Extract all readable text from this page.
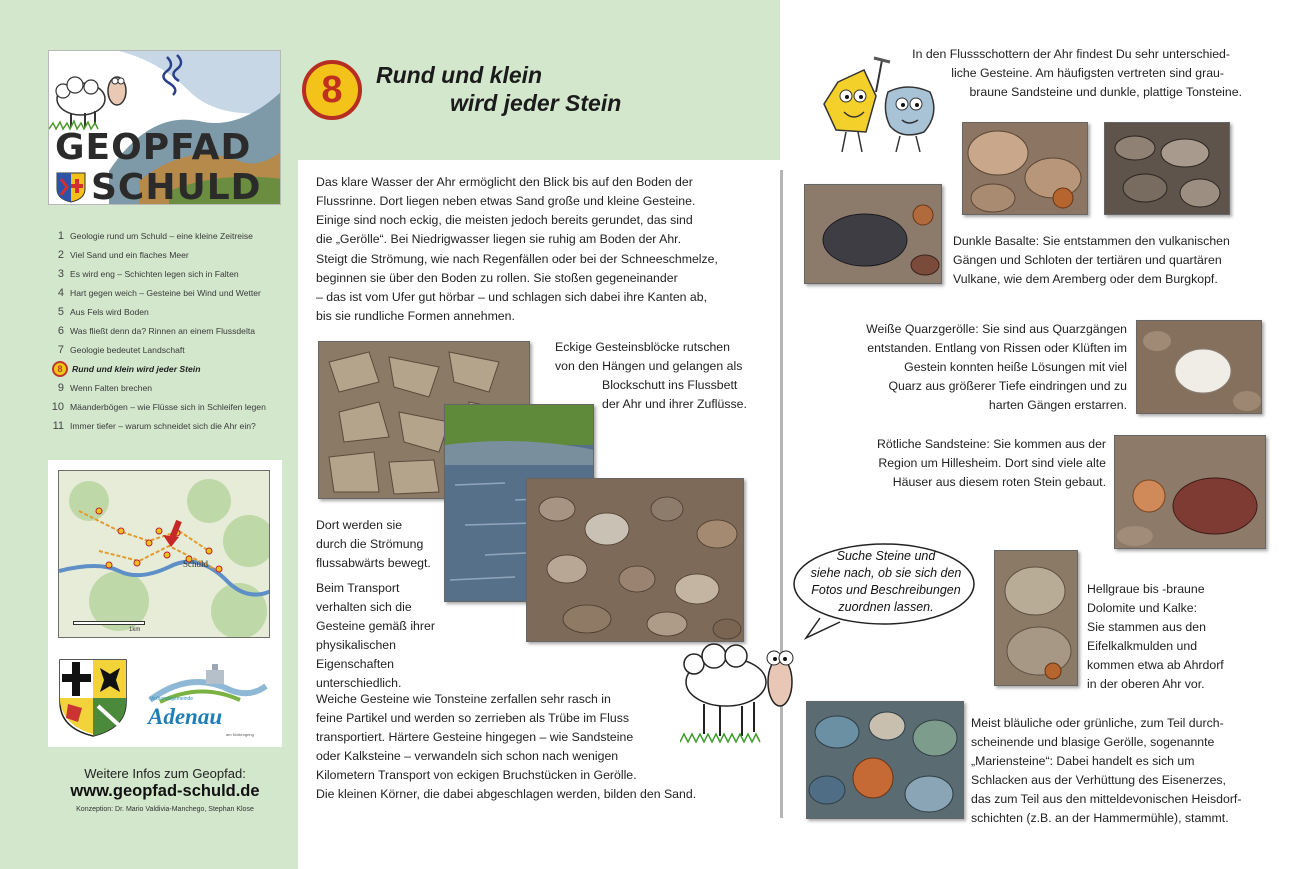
GEOPFAD
SCHULD
1 Geologie rund um Schuld – eine kleine Zeitreise
2 Viel Sand und ein flaches Meer
3 Es wird eng – Schichten legen sich in Falten
4 Hart gegen weich – Gesteine bei Wind und Wetter
5 Aus Fels wird Boden
6 Was fließt denn da? Rinnen an einem Flussdelta
7 Geologie bedeutet Landschaft
8	Rund und klein wird jeder Stein
9 Wenn Falten brechen
10 Mäanderbögen – wie Flüsse sich in Schleifen legen
11 Immer tiefer – warum schneidet sich die Ahr ein?
Schuld
1km
Verbandsgemeinde
Adenau
am Nürburgring
Weitere Infos zum Geopfad:
www.geopfad-schuld.de
Konzeption: Dr. Mario Valdivia-Manchego, Stephan Klose
8	Rund und klein
wird jeder Stein
Das klare Wasser der Ahr ermöglicht den Blick bis auf den Boden der
Flussrinne. Dort liegen neben etwas Sand große und kleine Gesteine.
Einige sind noch eckig, die meisten jedoch bereits gerundet, das sind
die „Gerölle“. Bei Niedrigwasser liegen sie ruhig am Boden der Ahr.
Steigt die Strömung, wie nach Regenfällen oder bei der Schneeschmelze,
beginnen sie über den Boden zu rollen. Sie stoßen gegeneinander
– das ist vom Ufer gut hörbar – und schlagen sich dabei ihre Kanten ab,
bis sie rundliche Formen annehmen.
Eckige Gesteinsblöcke rutschen
von den Hängen und gelangen als
Blockschutt ins Flussbett
der Ahr und ihrer Zuflüsse.
Dort werden sie
durch die Strömung
flussabwärts bewegt.
Beim Transport
verhalten sich die
Gesteine gemäß ihrer
physikalischen Eigenschaften
unterschiedlich.
Weiche Gesteine wie Tonsteine zerfallen sehr rasch in
feine Partikel und werden so zerrieben als Trübe im Fluss
transportiert. Härtere Gesteine hingegen – wie Sandsteine
oder Kalksteine – verwandeln sich schon nach wenigen
Kilometern Transport von eckigen Bruchstücken in Gerölle.
Die kleinen Körner, die dabei abgeschlagen werden, bilden den Sand.
In den Flussschottern der Ahr findest Du sehr unterschied-
liche Gesteine. Am häufigsten vertreten sind grau-
braune Sandsteine und dunkle, plattige Tonsteine.
Dunkle Basalte: Sie entstammen den vulkanischen
Gängen und Schloten der tertiären und quartären
Vulkane, wie dem Aremberg oder dem Burgkopf.
Weiße Quarzgerölle: Sie sind aus Quarzgängen
entstanden. Entlang von Rissen oder Klüften im
Gestein konnten heiße Lösungen mit viel
Quarz aus größerer Tiefe eindringen und zu
harten Gängen erstarren.
Rötliche Sandsteine: Sie kommen aus der
Region um Hillesheim. Dort sind viele alte
Häuser aus diesem roten Stein gebaut.
Suche Steine und
siehe nach, ob sie sich den
Fotos und Beschreibungen
zuordnen lassen.
Hellgraue bis -braune
Dolomite und Kalke:
Sie stammen aus den
Eifelkalkmulden und
kommen etwa ab Ahrdorf
in der oberen Ahr vor.
Meist bläuliche oder grünliche, zum Teil durch-
scheinende und blasige Gerölle, sogenannte
„Mariensteine“: Dabei handelt es sich um
Schlacken aus der Verhüttung des Eisenerzes,
das zum Teil aus den mitteldevonischen Heisdorf-
schichten (z.B. an der Hammermühle), stammt.
